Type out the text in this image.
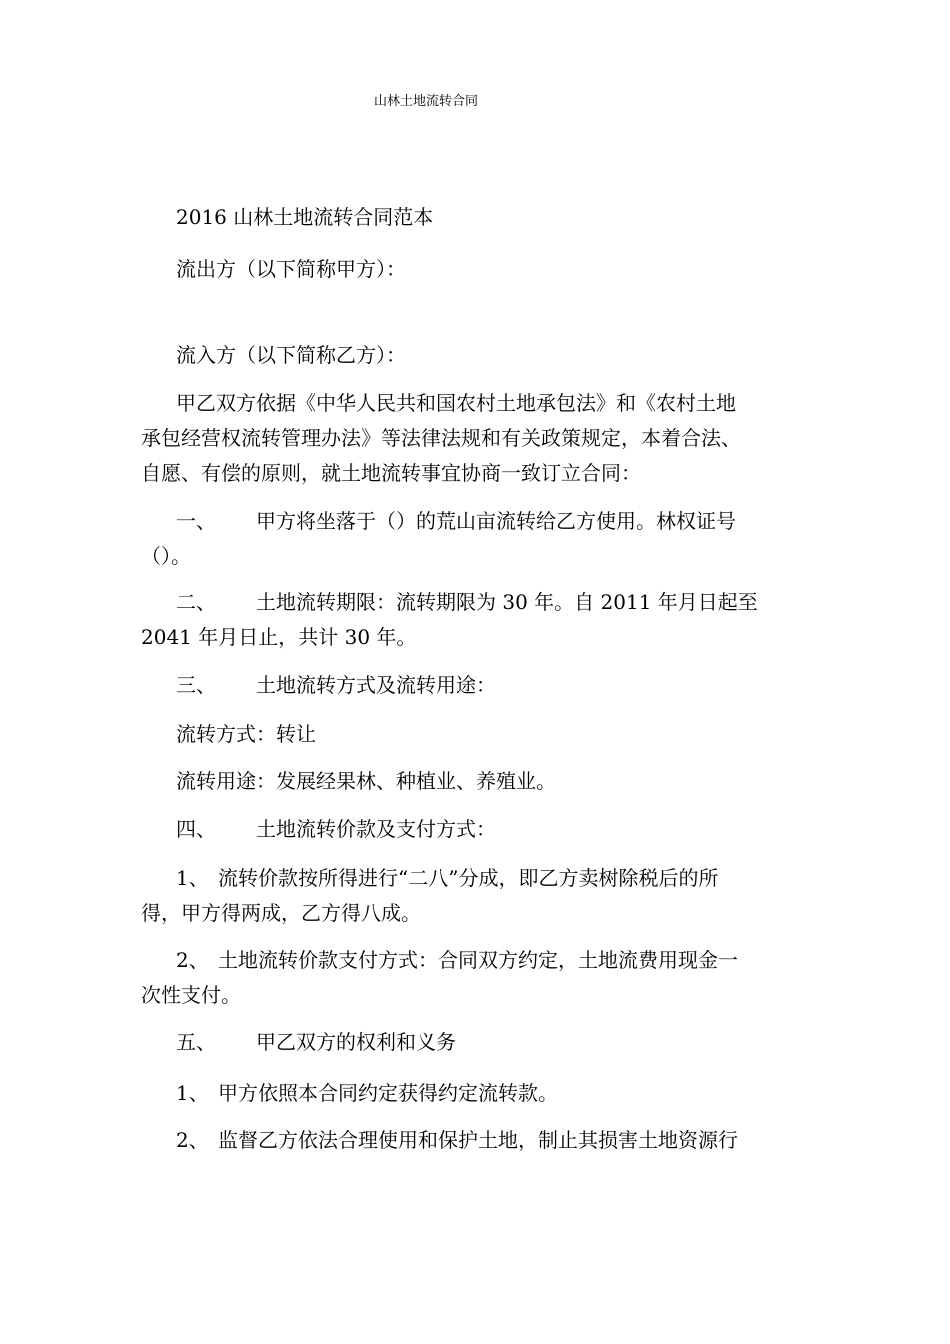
山林土地流转合同

2016 山林土地流转合同范本

流出方（以下简称甲方）：

流入方（以下简称乙方）：

甲乙双方依据《中华人民共和国农村土地承包法》和《农村土地

承包经营权流转管理办法》等法律法规和有关政策规定，本着合法、

自愿、有偿的原则，就土地流转事宜协商一致订立合同：

一、 甲方将坐落于（）的荒山亩流转给乙方使用。林权证号

（）。

二、 土地流转期限：流转期限为 30 年。自 2011 年月日起至

2041 年月日止，共计 30 年。

三、 土地流转方式及流转用途：

流转方式：转让

流转用途：发展经果林、种植业、养殖业。

四、 土地流转价款及支付方式：

1、 流转价款按所得进行“二八”分成，即乙方卖树除税后的所

得，甲方得两成，乙方得八成。

2、 土地流转价款支付方式：合同双方约定，土地流费用现金一

次性支付。

五、 甲乙双方的权利和义务

1、 甲方依照本合同约定获得约定流转款。

2、 监督乙方依法合理使用和保护土地，制止其损害土地资源行
